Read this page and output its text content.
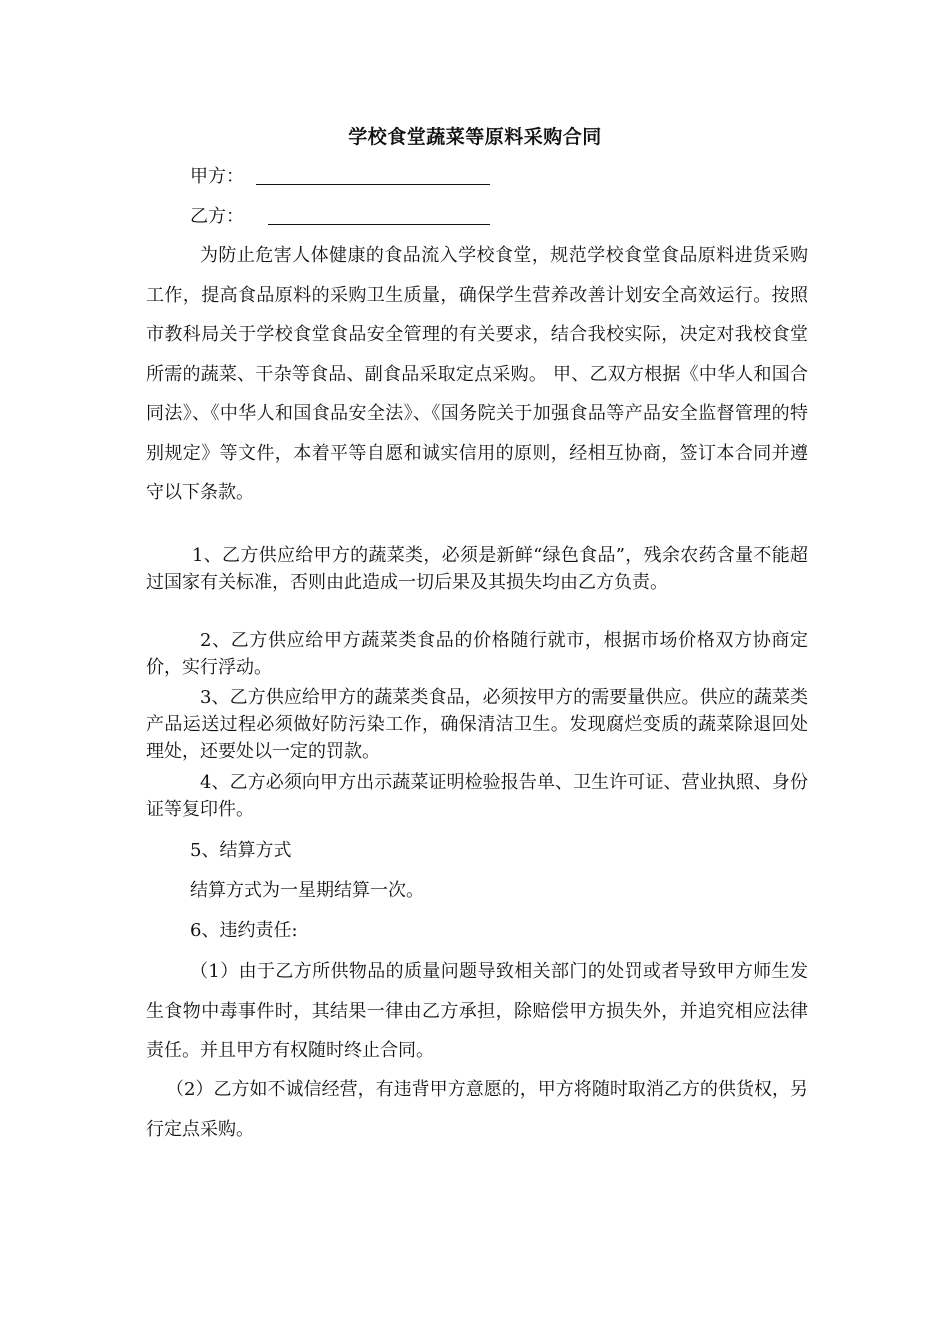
学校食堂蔬菜等原料采购合同
甲方：
乙方：

为防止危害人体健康的食品流入学校食堂，规范学校食堂食品原料进货采购工作，提高食品原料的采购卫生质量，确保学生营养改善计划安全高效运行。按照市教科局关于学校食堂食品安全管理的有关要求，结合我校实际，决定对我校食堂所需的蔬菜、干杂等食品、副食品采取定点采购。 甲、乙双方根据《中华人和国合同法》、《中华人和国食品安全法》、《国务院关于加强食品等产品安全监督管理的特别规定》等文件，本着平等自愿和诚实信用的原则，经相互协商，签订本合同并遵守以下条款。

1、乙方供应给甲方的蔬菜类，必须是新鲜“绿色食品”，残余农药含量不能超过国家有关标准，否则由此造成一切后果及其损失均由乙方负责。

2、乙方供应给甲方蔬菜类食品的价格随行就市，根据市场价格双方协商定价，实行浮动。

3、乙方供应给甲方的蔬菜类食品，必须按甲方的需要量供应。供应的蔬菜类产品运送过程必须做好防污染工作，确保清洁卫生。发现腐烂变质的蔬菜除退回处理处，还要处以一定的罚款。

4、乙方必须向甲方出示蔬菜证明检验报告单、卫生许可证、营业执照、身份证等复印件。

5、结算方式

结算方式为一星期结算一次。

6、违约责任:

（1）由于乙方所供物品的质量问题导致相关部门的处罚或者导致甲方师生发生食物中毒事件时，其结果一律由乙方承担，除赔偿甲方损失外，并追究相应法律责任。并且甲方有权随时终止合同。

（2）乙方如不诚信经营，有违背甲方意愿的，甲方将随时取消乙方的供货权，另行定点采购。
